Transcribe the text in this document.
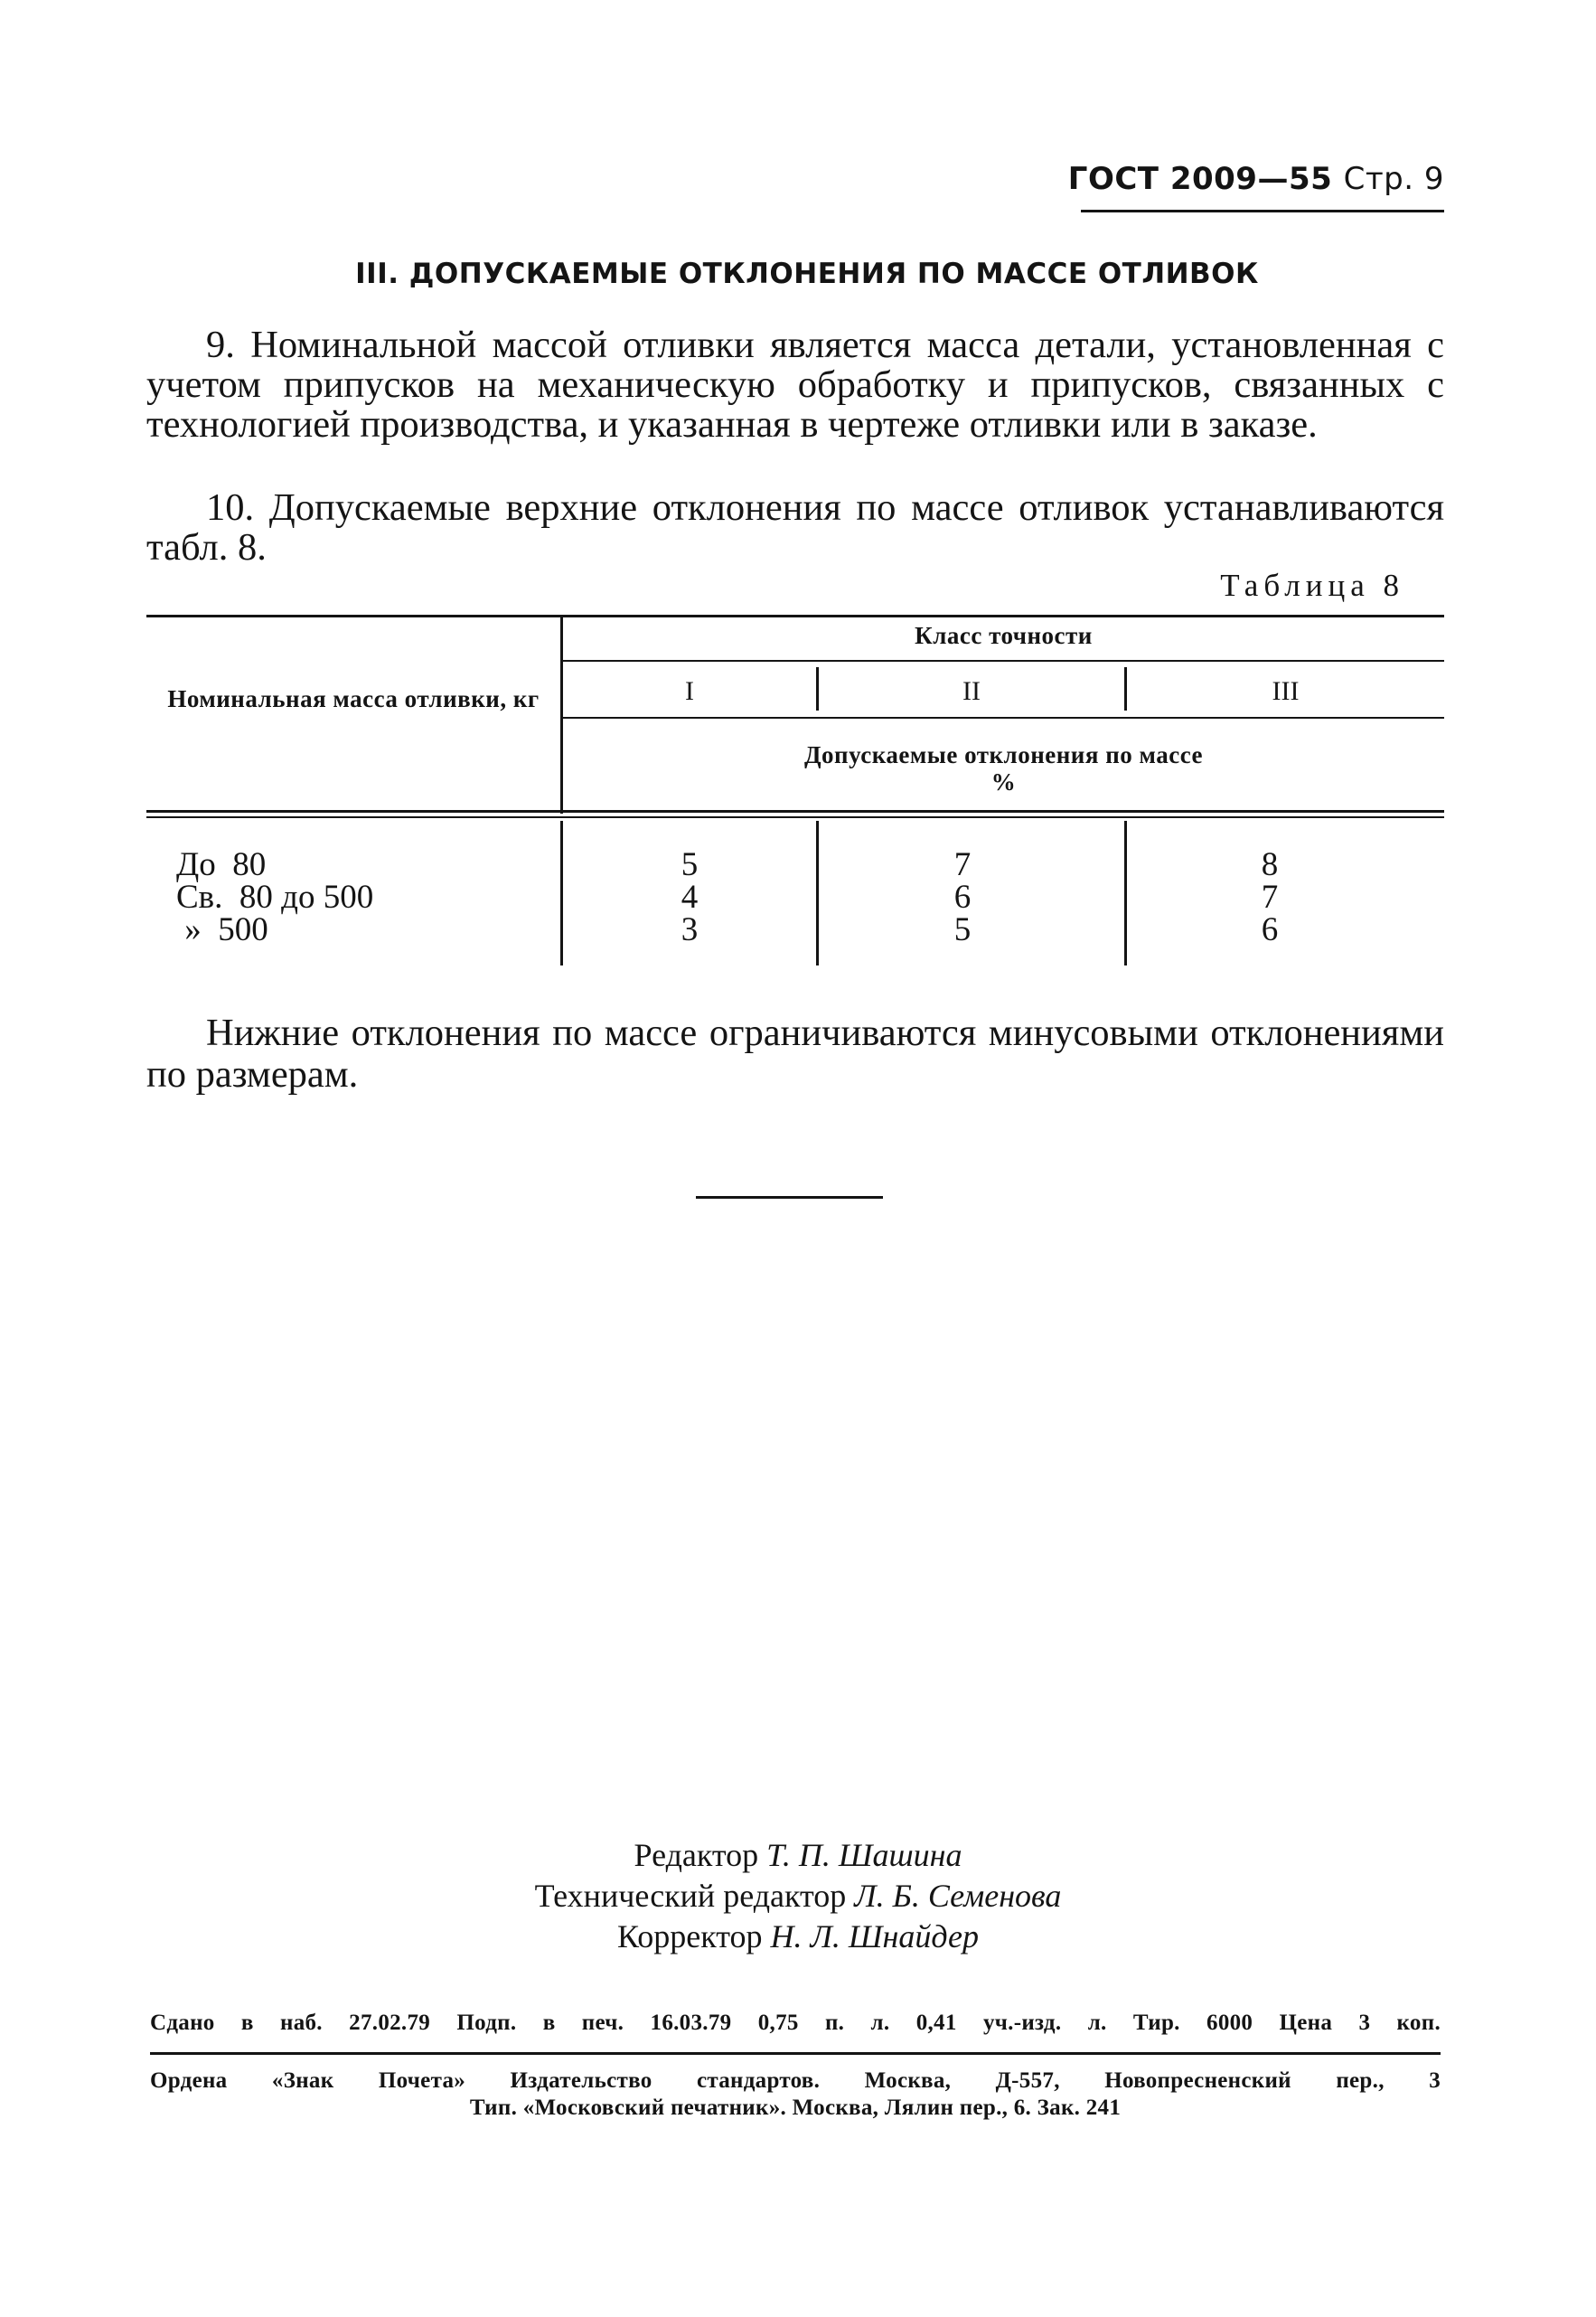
ГОСТ 2009—55 Стр. 9
III. ДОПУСКАЕМЫЕ ОТКЛОНЕНИЯ ПО МАССЕ ОТЛИВОК
9. Номинальной массой отливки является масса детали, установленная с учетом припусков на механическую обработку и припусков, связанных с технологией производства, и указанная в чертеже отливки или в заказе.
10. Допускаемые верхние отклонения по массе отливок устанавливаются табл. 8.
Таблица 8
Номинальная масса отливки, кг
Класс точности
I	II	III
Допускаемые отклонения по массе
%
До  80	5	7	8
Св.  80 до 500	4	6	7
»  500	3	5	6
Нижние отклонения по массе ограничиваются минусовыми отклонениями по размерам.
Редактор Т. П. Шашина
Технический редактор Л. Б. Семенова
Корректор Н. Л. Шнайдер
Сдано в наб. 27.02.79 Подп. в печ. 16.03.79 0,75 п. л. 0,41 уч.-изд. л. Тир. 6000 Цена 3 коп.
Ордена «Знак Почета» Издательство стандартов. Москва, Д-557, Новопресненский пер., 3
Тип. «Московский печатник». Москва, Лялин пер., 6. Зак. 241
